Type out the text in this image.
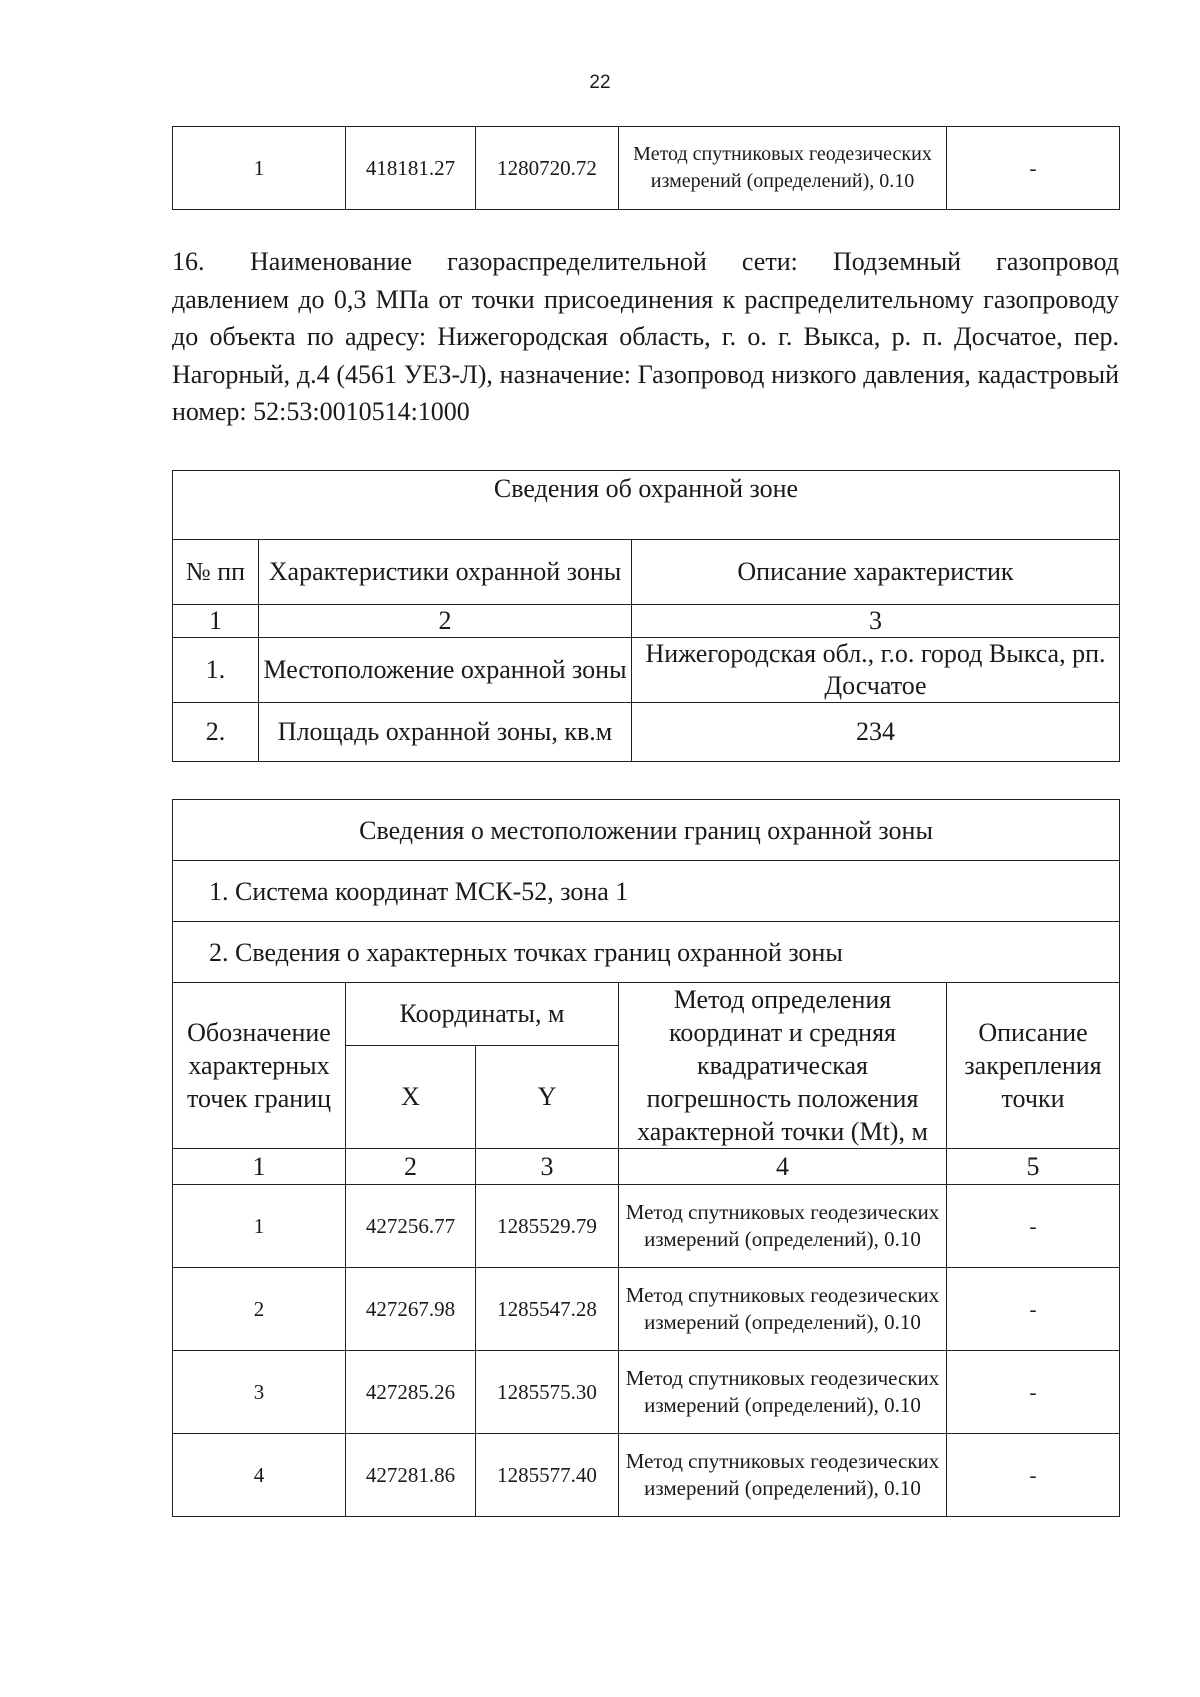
22
1	418181.27	1280720.72	Метод спутниковых геодезических измерений (определений), 0.10	-

16. Наименование газораспределительной сети: Подземный газопровод давлением до 0,3 МПа от точки присоединения к распределительному газопроводу до объекта по адресу: Нижегородская область, г. о. г. Выкса, р. п. Досчатое, пер. Нагорный, д.4 (4561 УЕЗ-Л), назначение: Газопровод низкого давления, кадастровый номер: 52:53:0010514:1000

Сведения об охранной зоне		
№ пп	Характеристики охранной зоны	Описание характеристик
1	2	3
1.	Местоположение охранной зоны	Нижегородская обл., г.о. город Выкса, рп. Досчатое
2.	Площадь охранной зоны, кв.м	234
Сведения о местоположении границ охранной зоны				
1. Система координат МСК-52, зона 1				
2. Сведения о характерных точках границ охранной зоны				
Обозначение характерных точек границ	Координаты, м		Метод определения координат и средняя квадратическая погрешность положения характерной точки (Mt), м	Описание закрепления точки
	X	Y		
1	2	3	4	5
1	427256.77	1285529.79	Метод спутниковых геодезических измерений (определений), 0.10	-
2	427267.98	1285547.28	Метод спутниковых геодезических измерений (определений), 0.10	-
3	427285.26	1285575.30	Метод спутниковых геодезических измерений (определений), 0.10	-
4	427281.86	1285577.40	Метод спутниковых геодезических измерений (определений), 0.10	-
